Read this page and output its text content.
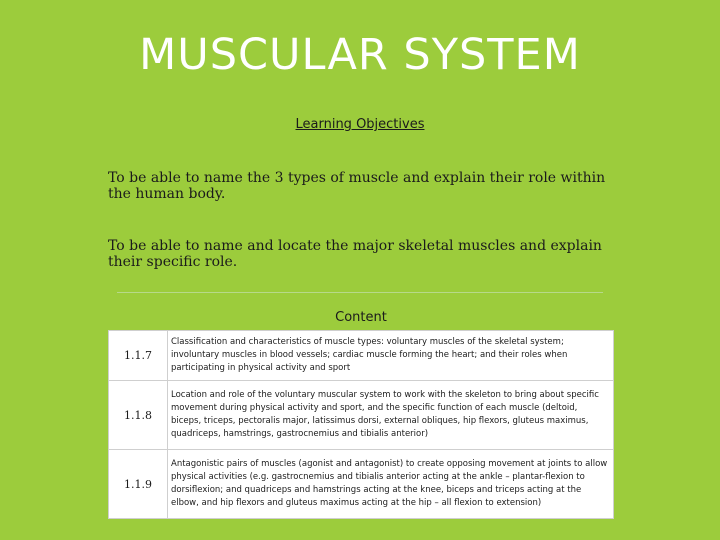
MUSCULAR SYSTEM
Learning Objectives
To be able to name the 3 types of muscle and explain their role within the human body.
To be able to name and locate the major skeletal muscles and explain their specific role.
Content
1.1.7	Classification and characteristics of muscle types: voluntary muscles of the skeletal system; involuntary muscles in blood vessels; cardiac muscle forming the heart; and their roles when participating in physical activity and sport
1.1.8	Location and role of the voluntary muscular system to work with the skeleton to bring about specific movement during physical activity and sport, and the specific function of each muscle (deltoid, biceps, triceps, pectoralis major, latissimus dorsi, external obliques, hip flexors, gluteus maximus, quadriceps, hamstrings, gastrocnemius and tibialis anterior)
1.1.9	Antagonistic pairs of muscles (agonist and antagonist) to create opposing movement at joints to allow physical activities (e.g. gastrocnemius and tibialis anterior acting at the ankle – plantar-flexion to dorsiflexion; and quadriceps and hamstrings acting at the knee, biceps and triceps acting at the elbow, and hip flexors and gluteus maximus acting at the hip – all flexion to extension)
